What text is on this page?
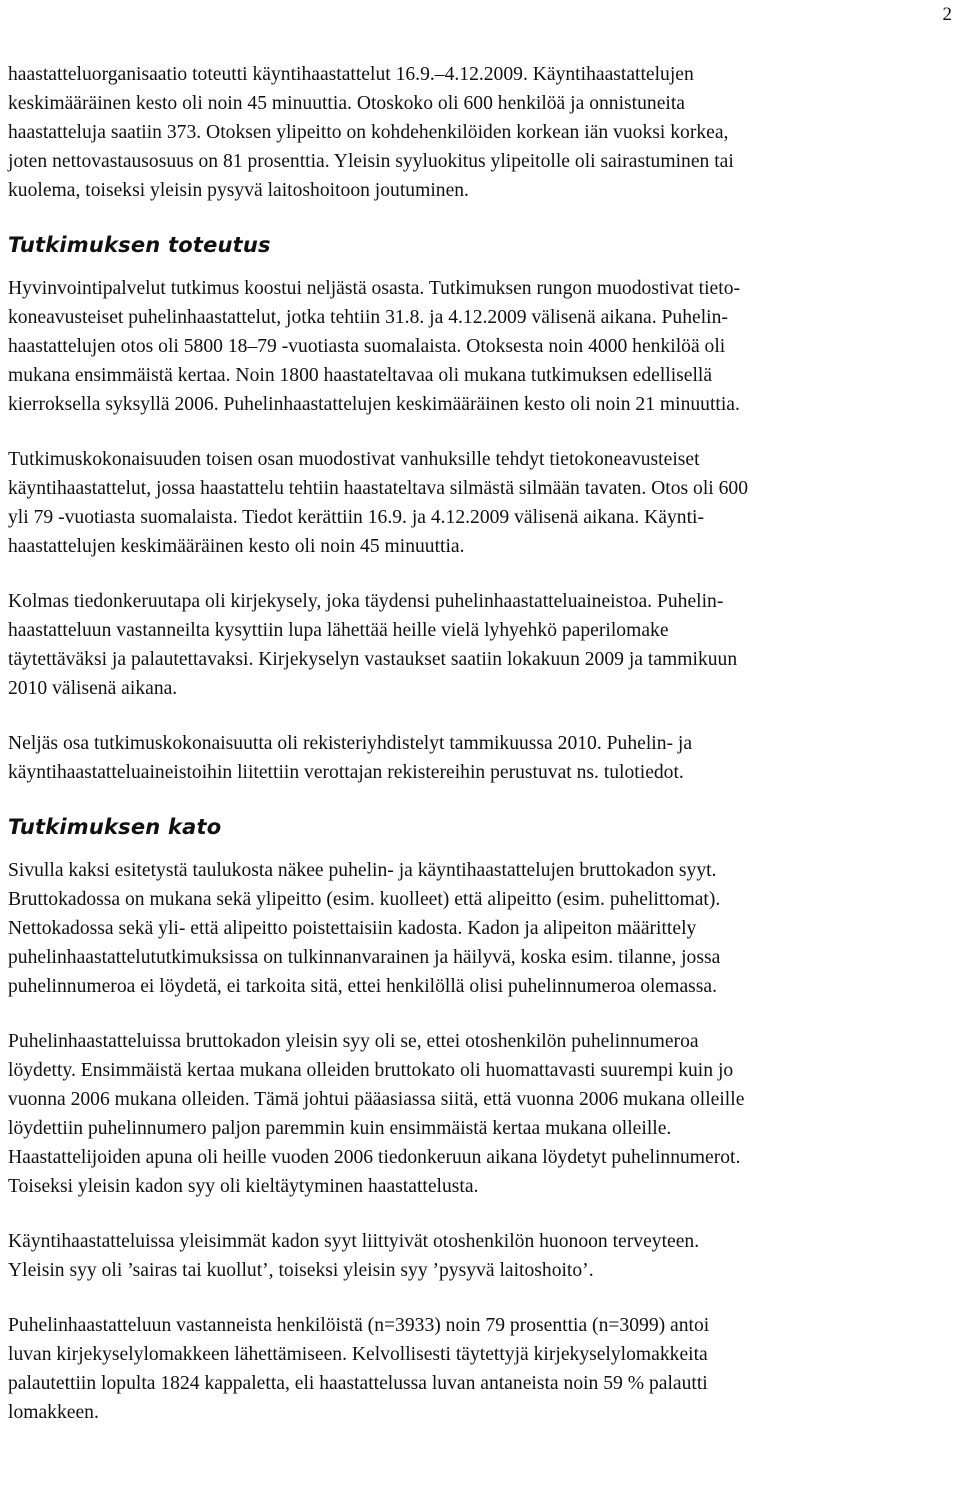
2

haastatteluorganisaatio toteutti käyntihaastattelut 16.9.–4.12.2009. Käyntihaastattelujen
keskimääräinen kesto oli noin 45 minuuttia. Otoskoko oli 600 henkilöä ja onnistuneita
haastatteluja saatiin 373. Otoksen ylipeitto on kohdehenkilöiden korkean iän vuoksi korkea,
joten nettovastausosuus on 81 prosenttia. Yleisin syyluokitus ylipeitolle oli sairastuminen tai
kuolema, toiseksi yleisin pysyvä laitoshoitoon joutuminen.

Tutkimuksen toteutus

Hyvinvointipalvelut tutkimus koostui neljästä osasta. Tutkimuksen rungon muodostivat tieto-
koneavusteiset puhelinhaastattelut, jotka tehtiin 31.8. ja 4.12.2009 välisenä aikana. Puhelin-
haastattelujen otos oli 5800 18–79 -vuotiasta suomalaista. Otoksesta noin 4000 henkilöä oli
mukana ensimmäistä kertaa. Noin 1800 haastateltavaa oli mukana tutkimuksen edellisellä
kierroksella syksyllä 2006. Puhelinhaastattelujen keskimääräinen kesto oli noin 21 minuuttia.

Tutkimuskokonaisuuden toisen osan muodostivat vanhuksille tehdyt tietokoneavusteiset
käyntihaastattelut, jossa haastattelu tehtiin haastateltava silmästä silmään tavaten. Otos oli 600
yli 79 -vuotiasta suomalaista. Tiedot kerättiin 16.9. ja 4.12.2009 välisenä aikana. Käynti-
haastattelujen keskimääräinen kesto oli noin 45 minuuttia.

Kolmas tiedonkeruutapa oli kirjekysely, joka täydensi puhelinhaastatteluaineistoa. Puhelin-
haastatteluun vastanneilta kysyttiin lupa lähettää heille vielä lyhyehkö paperilomake
täytettäväksi ja palautettavaksi. Kirjekyselyn vastaukset saatiin lokakuun 2009 ja tammikuun
2010 välisenä aikana.

Neljäs osa tutkimuskokonaisuutta oli rekisteriyhdistelyt tammikuussa 2010. Puhelin- ja
käyntihaastatteluaineistoihin liitettiin verottajan rekistereihin perustuvat ns. tulotiedot.

Tutkimuksen kato

Sivulla kaksi esitetystä taulukosta näkee puhelin- ja käyntihaastattelujen bruttokadon syyt.
Bruttokadossa on mukana sekä ylipeitto (esim. kuolleet) että alipeitto (esim. puhelittomat).
Nettokadossa sekä yli- että alipeitto poistettaisiin kadosta. Kadon ja alipeiton määrittely
puhelinhaastattelututkimuksissa on tulkinnanvarainen ja häilyvä, koska esim. tilanne, jossa
puhelinnumeroa ei löydetä, ei tarkoita sitä, ettei henkilöllä olisi puhelinnumeroa olemassa.

Puhelinhaastatteluissa bruttokadon yleisin syy oli se, ettei otoshenkilön puhelinnumeroa
löydetty. Ensimmäistä kertaa mukana olleiden bruttokato oli huomattavasti suurempi kuin jo
vuonna 2006 mukana olleiden. Tämä johtui pääasiassa siitä, että vuonna 2006 mukana olleille
löydettiin puhelinnumero paljon paremmin kuin ensimmäistä kertaa mukana olleille.
Haastattelijoiden apuna oli heille vuoden 2006 tiedonkeruun aikana löydetyt puhelinnumerot.
Toiseksi yleisin kadon syy oli kieltäytyminen haastattelusta.

Käyntihaastatteluissa yleisimmät kadon syyt liittyivät otoshenkilön huonoon terveyteen.
Yleisin syy oli ’sairas tai kuollut’, toiseksi yleisin syy ’pysyvä laitoshoito’.

Puhelinhaastatteluun vastanneista henkilöistä (n=3933) noin 79 prosenttia (n=3099) antoi
luvan kirjekyselylomakkeen lähettämiseen. Kelvollisesti täytettyjä kirjekyselylomakkeita
palautettiin lopulta 1824 kappaletta, eli haastattelussa luvan antaneista noin 59 % palautti
lomakkeen.
